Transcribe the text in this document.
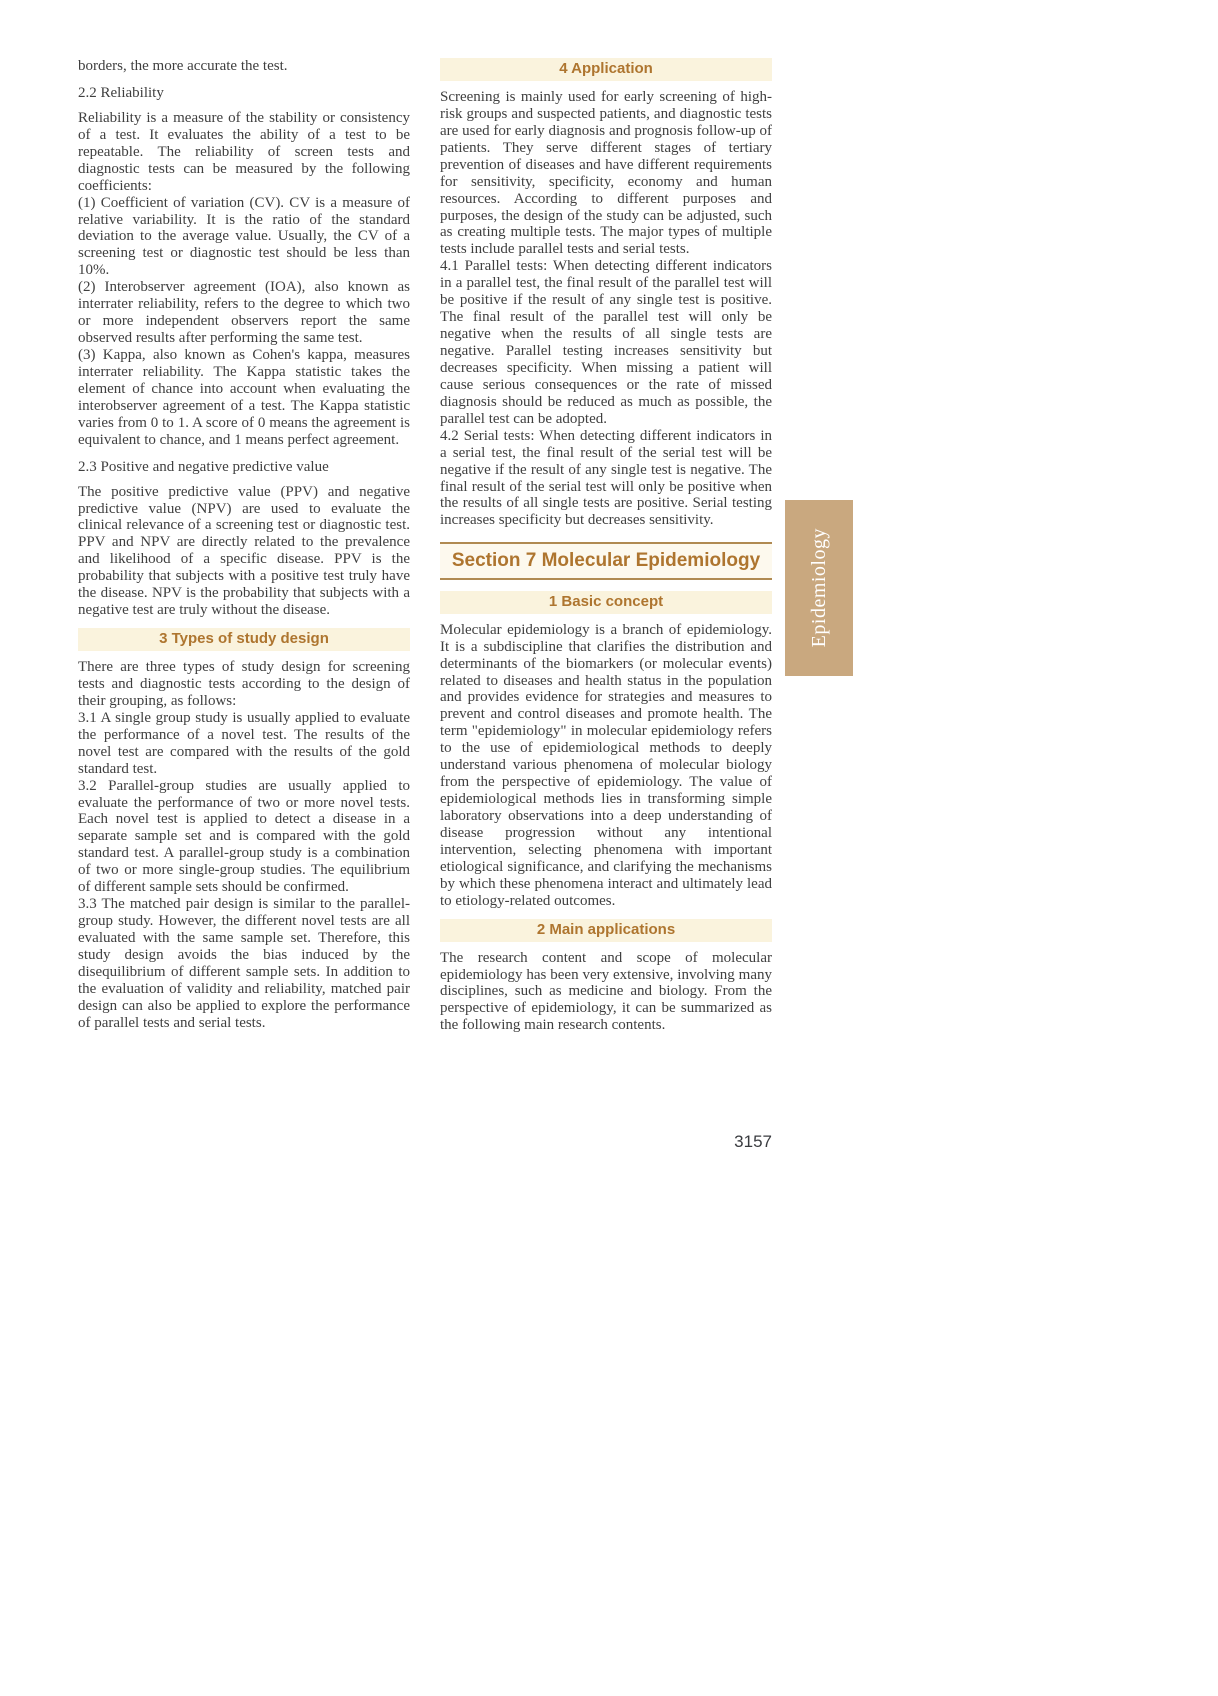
borders, the more accurate the test.
2.2 Reliability
Reliability is a measure of the stability or consistency of a test. It evaluates the ability of a test to be repeatable. The reliability of screen tests and diagnostic tests can be measured by the following coefficients:
(1) Coefficient of variation (CV). CV is a measure of relative variability. It is the ratio of the standard deviation to the average value. Usually, the CV of a screening test or diagnostic test should be less than 10%.
(2) Interobserver agreement (IOA), also known as interrater reliability, refers to the degree to which two or more independent observers report the same observed results after performing the same test.
(3) Kappa, also known as Cohen's kappa, measures interrater reliability. The Kappa statistic takes the element of chance into account when evaluating the interobserver agreement of a test. The Kappa statistic varies from 0 to 1. A score of 0 means the agreement is equivalent to chance, and 1 means perfect agreement.
2.3 Positive and negative predictive value
The positive predictive value (PPV) and negative predictive value (NPV) are used to evaluate the clinical relevance of a screening test or diagnostic test. PPV and NPV are directly related to the prevalence and likelihood of a specific disease. PPV is the probability that subjects with a positive test truly have the disease. NPV is the probability that subjects with a negative test are truly without the disease.
3 Types of study design
There are three types of study design for screening tests and diagnostic tests according to the design of their grouping, as follows:
3.1 A single group study is usually applied to evaluate the performance of a novel test. The results of the novel test are compared with the results of the gold standard test.
3.2 Parallel-group studies are usually applied to evaluate the performance of two or more novel tests. Each novel test is applied to detect a disease in a separate sample set and is compared with the gold standard test. A parallel-group study is a combination of two or more single-group studies. The equilibrium of different sample sets should be confirmed.
3.3 The matched pair design is similar to the parallel-group study. However, the different novel tests are all evaluated with the same sample set. Therefore, this study design avoids the bias induced by the disequilibrium of different sample sets. In addition to the evaluation of validity and reliability, matched pair design can also be applied to explore the performance of parallel tests and serial tests.
4 Application
Screening is mainly used for early screening of high-risk groups and suspected patients, and diagnostic tests are used for early diagnosis and prognosis follow-up of patients. They serve different stages of tertiary prevention of diseases and have different requirements for sensitivity, specificity, economy and human resources. According to different purposes and purposes, the design of the study can be adjusted, such as creating multiple tests. The major types of multiple tests include parallel tests and serial tests.
4.1 Parallel tests: When detecting different indicators in a parallel test, the final result of the parallel test will be positive if the result of any single test is positive. The final result of the parallel test will only be negative when the results of all single tests are negative. Parallel testing increases sensitivity but decreases specificity. When missing a patient will cause serious consequences or the rate of missed diagnosis should be reduced as much as possible, the parallel test can be adopted.
4.2 Serial tests: When detecting different indicators in a serial test, the final result of the serial test will be negative if the result of any single test is negative. The final result of the serial test will only be positive when the results of all single tests are positive. Serial testing increases specificity but decreases sensitivity.
Section 7 Molecular Epidemiology
1 Basic concept
Molecular epidemiology is a branch of epidemiology. It is a subdiscipline that clarifies the distribution and determinants of the biomarkers (or molecular events) related to diseases and health status in the population and provides evidence for strategies and measures to prevent and control diseases and promote health. The term "epidemiology" in molecular epidemiology refers to the use of epidemiological methods to deeply understand various phenomena of molecular biology from the perspective of epidemiology. The value of epidemiological methods lies in transforming simple laboratory observations into a deep understanding of disease progression without any intentional intervention, selecting phenomena with important etiological significance, and clarifying the mechanisms by which these phenomena interact and ultimately lead to etiology-related outcomes.
2 Main applications
The research content and scope of molecular epidemiology has been very extensive, involving many disciplines, such as medicine and biology. From the perspective of epidemiology, it can be summarized as the following main research contents.
Epidemiology
3157
